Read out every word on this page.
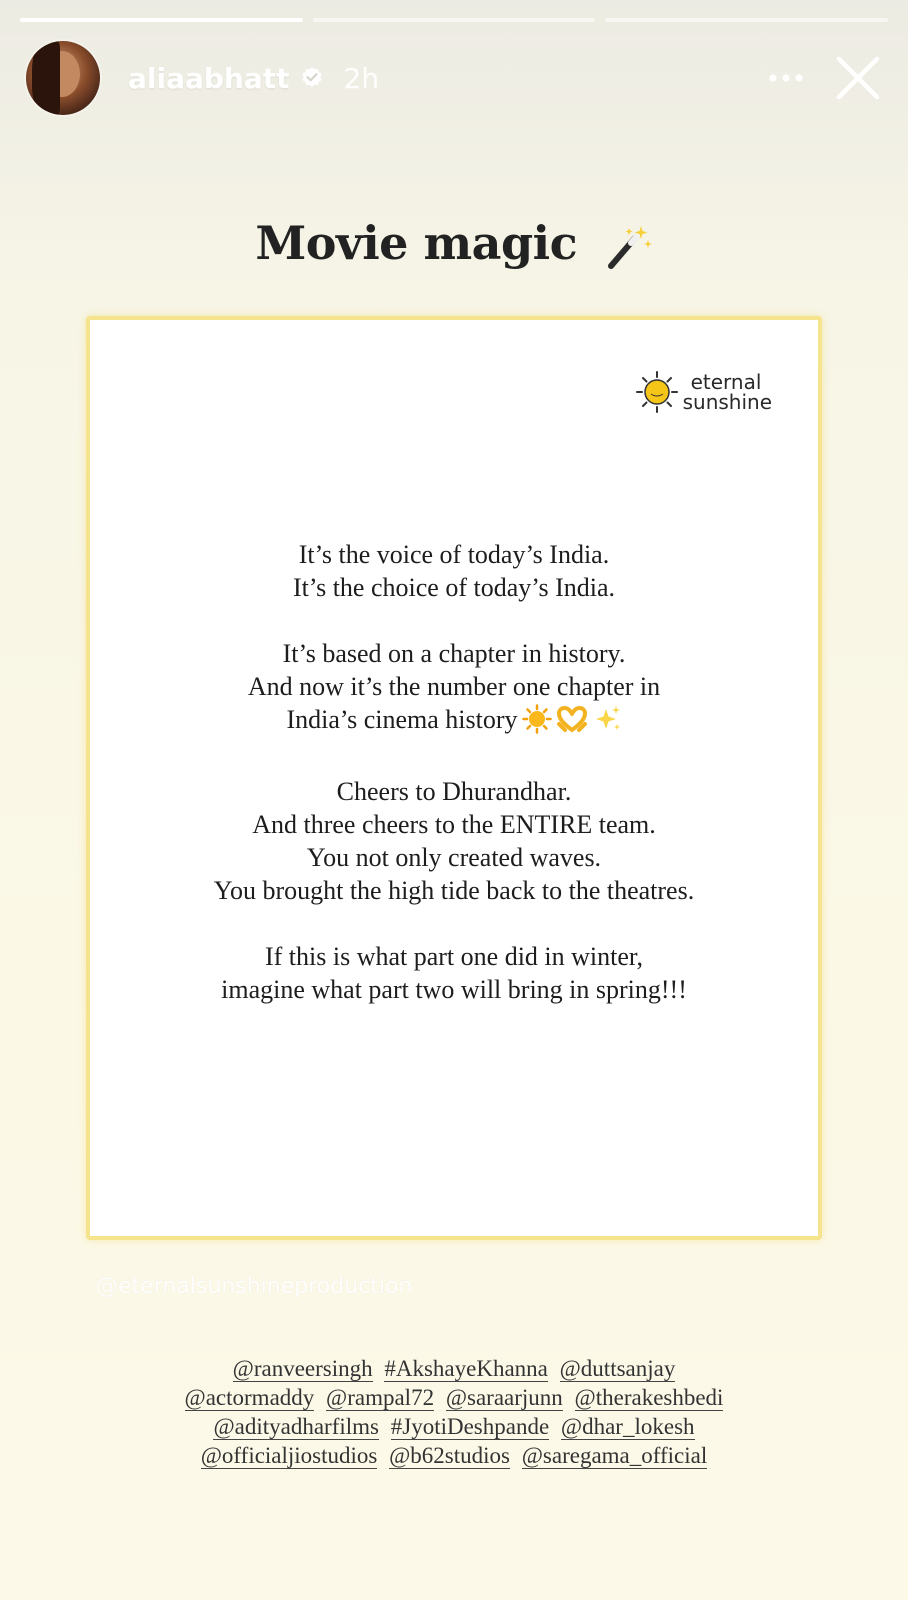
aliaabhatt 2h
Movie magic
eternal
sunshine
It’s the voice of today’s India.
It’s the choice of today’s India.
It’s based on a chapter in history.
And now it’s the number one chapter in
India’s cinema history
Cheers to Dhurandhar.
And three cheers to the ENTIRE team.
You not only created waves.
You brought the high tide back to the theatres.
If this is what part one did in winter,
imagine what part two will bring in spring!!!
@eternalsunshineproduction
@ranveersingh #AkshayeKhanna @duttsanjay
@actormaddy @rampal72 @saraarjunn @therakeshbedi
@adityadharfilms #JyotiDeshpande @dhar_lokesh
@officialjiostudios @b62studios @saregama_official
